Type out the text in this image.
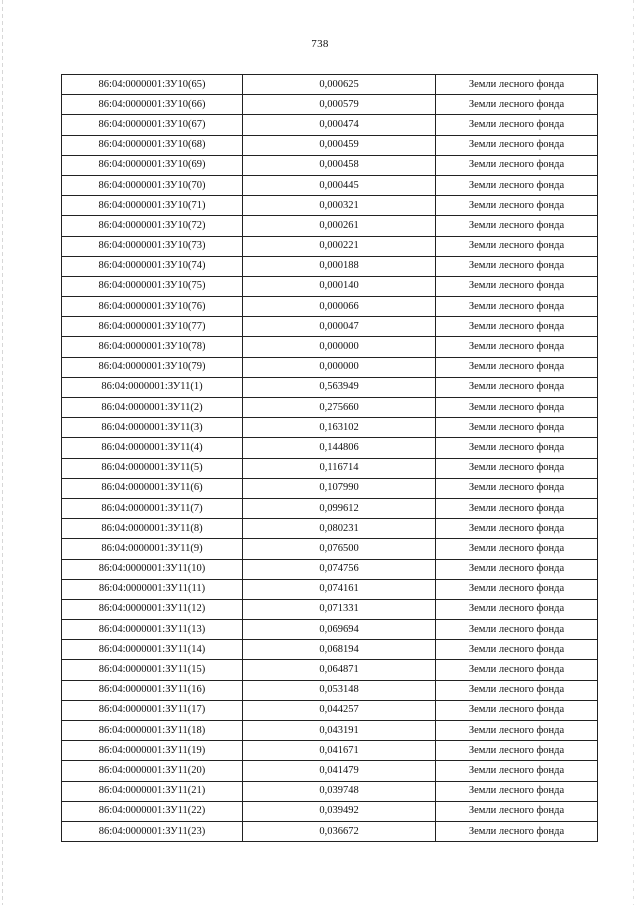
738
86:04:0000001:ЗУ10(65)	0,000625	Земли лесного фонда
86:04:0000001:ЗУ10(66)	0,000579	Земли лесного фонда
86:04:0000001:ЗУ10(67)	0,000474	Земли лесного фонда
86:04:0000001:ЗУ10(68)	0,000459	Земли лесного фонда
86:04:0000001:ЗУ10(69)	0,000458	Земли лесного фонда
86:04:0000001:ЗУ10(70)	0,000445	Земли лесного фонда
86:04:0000001:ЗУ10(71)	0,000321	Земли лесного фонда
86:04:0000001:ЗУ10(72)	0,000261	Земли лесного фонда
86:04:0000001:ЗУ10(73)	0,000221	Земли лесного фонда
86:04:0000001:ЗУ10(74)	0,000188	Земли лесного фонда
86:04:0000001:ЗУ10(75)	0,000140	Земли лесного фонда
86:04:0000001:ЗУ10(76)	0,000066	Земли лесного фонда
86:04:0000001:ЗУ10(77)	0,000047	Земли лесного фонда
86:04:0000001:ЗУ10(78)	0,000000	Земли лесного фонда
86:04:0000001:ЗУ10(79)	0,000000	Земли лесного фонда
86:04:0000001:ЗУ11(1)	0,563949	Земли лесного фонда
86:04:0000001:ЗУ11(2)	0,275660	Земли лесного фонда
86:04:0000001:ЗУ11(3)	0,163102	Земли лесного фонда
86:04:0000001:ЗУ11(4)	0,144806	Земли лесного фонда
86:04:0000001:ЗУ11(5)	0,116714	Земли лесного фонда
86:04:0000001:ЗУ11(6)	0,107990	Земли лесного фонда
86:04:0000001:ЗУ11(7)	0,099612	Земли лесного фонда
86:04:0000001:ЗУ11(8)	0,080231	Земли лесного фонда
86:04:0000001:ЗУ11(9)	0,076500	Земли лесного фонда
86:04:0000001:ЗУ11(10)	0,074756	Земли лесного фонда
86:04:0000001:ЗУ11(11)	0,074161	Земли лесного фонда
86:04:0000001:ЗУ11(12)	0,071331	Земли лесного фонда
86:04:0000001:ЗУ11(13)	0,069694	Земли лесного фонда
86:04:0000001:ЗУ11(14)	0,068194	Земли лесного фонда
86:04:0000001:ЗУ11(15)	0,064871	Земли лесного фонда
86:04:0000001:ЗУ11(16)	0,053148	Земли лесного фонда
86:04:0000001:ЗУ11(17)	0,044257	Земли лесного фонда
86:04:0000001:ЗУ11(18)	0,043191	Земли лесного фонда
86:04:0000001:ЗУ11(19)	0,041671	Земли лесного фонда
86:04:0000001:ЗУ11(20)	0,041479	Земли лесного фонда
86:04:0000001:ЗУ11(21)	0,039748	Земли лесного фонда
86:04:0000001:ЗУ11(22)	0,039492	Земли лесного фонда
86:04:0000001:ЗУ11(23)	0,036672	Земли лесного фонда
